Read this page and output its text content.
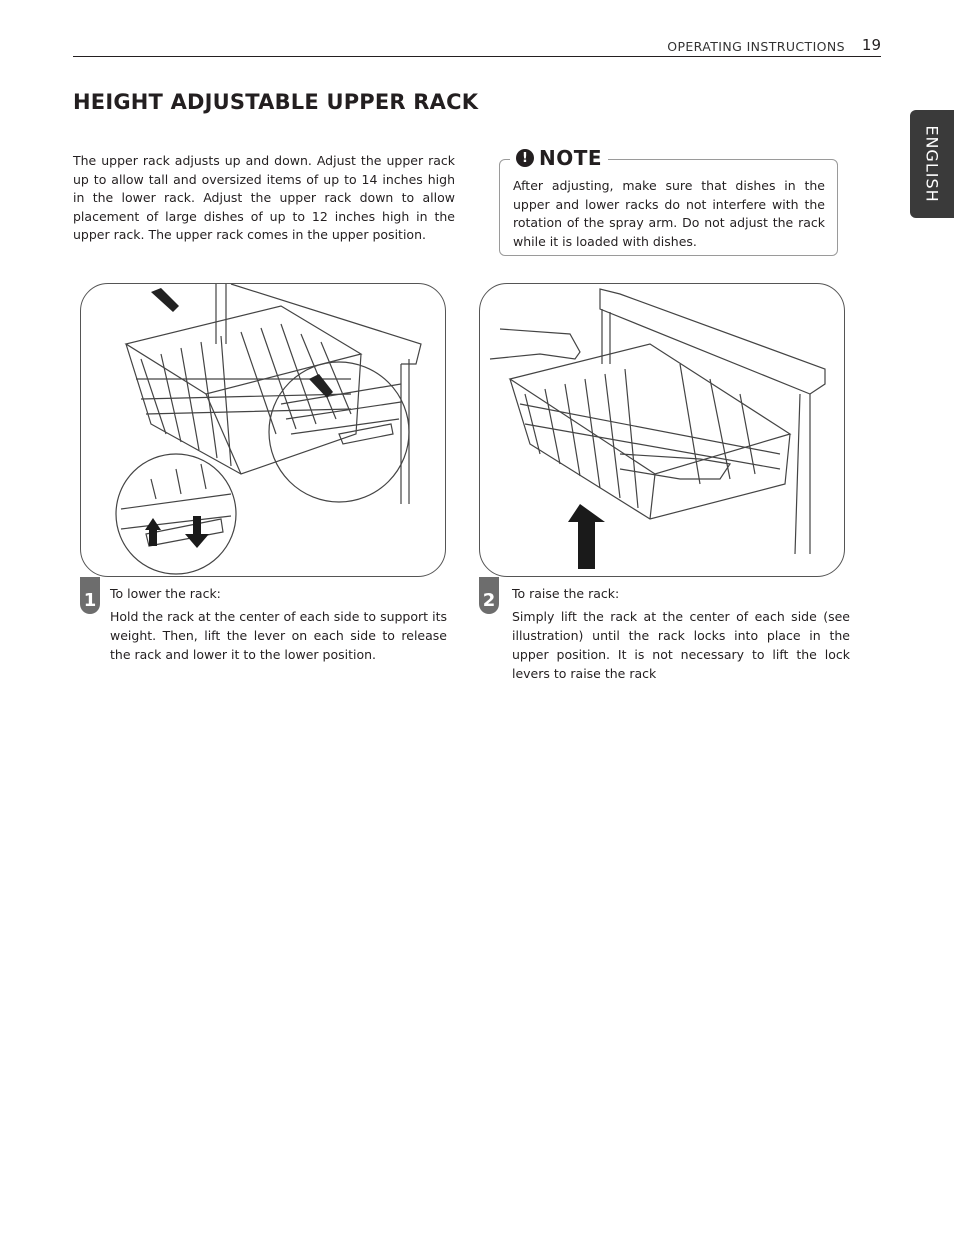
OPERATING INSTRUCTIONS 19
ENGLISH
HEIGHT ADJUSTABLE UPPER RACK

The upper rack adjusts up and down. Adjust the upper rack up to allow tall and oversized items of up to 14 inches high in the lower rack. Adjust the upper rack down to allow placement of large dishes of up to 12 inches high in the upper rack. The upper rack comes in the upper position.

! NOTE

After adjusting, make sure that dishes in the upper and lower racks do not interfere with the rotation of the spray arm. Do not adjust the rack while it is loaded with dishes.

1 To lower the rack:

Hold the rack at the center of each side to support its weight. Then, lift the lever on each side to release the rack and lower it to the lower position.

2 To raise the rack:

Simply lift the rack at the center of each side (see illustration) until the rack locks into place in the upper position. It is not necessary to lift the lock levers to raise the rack
